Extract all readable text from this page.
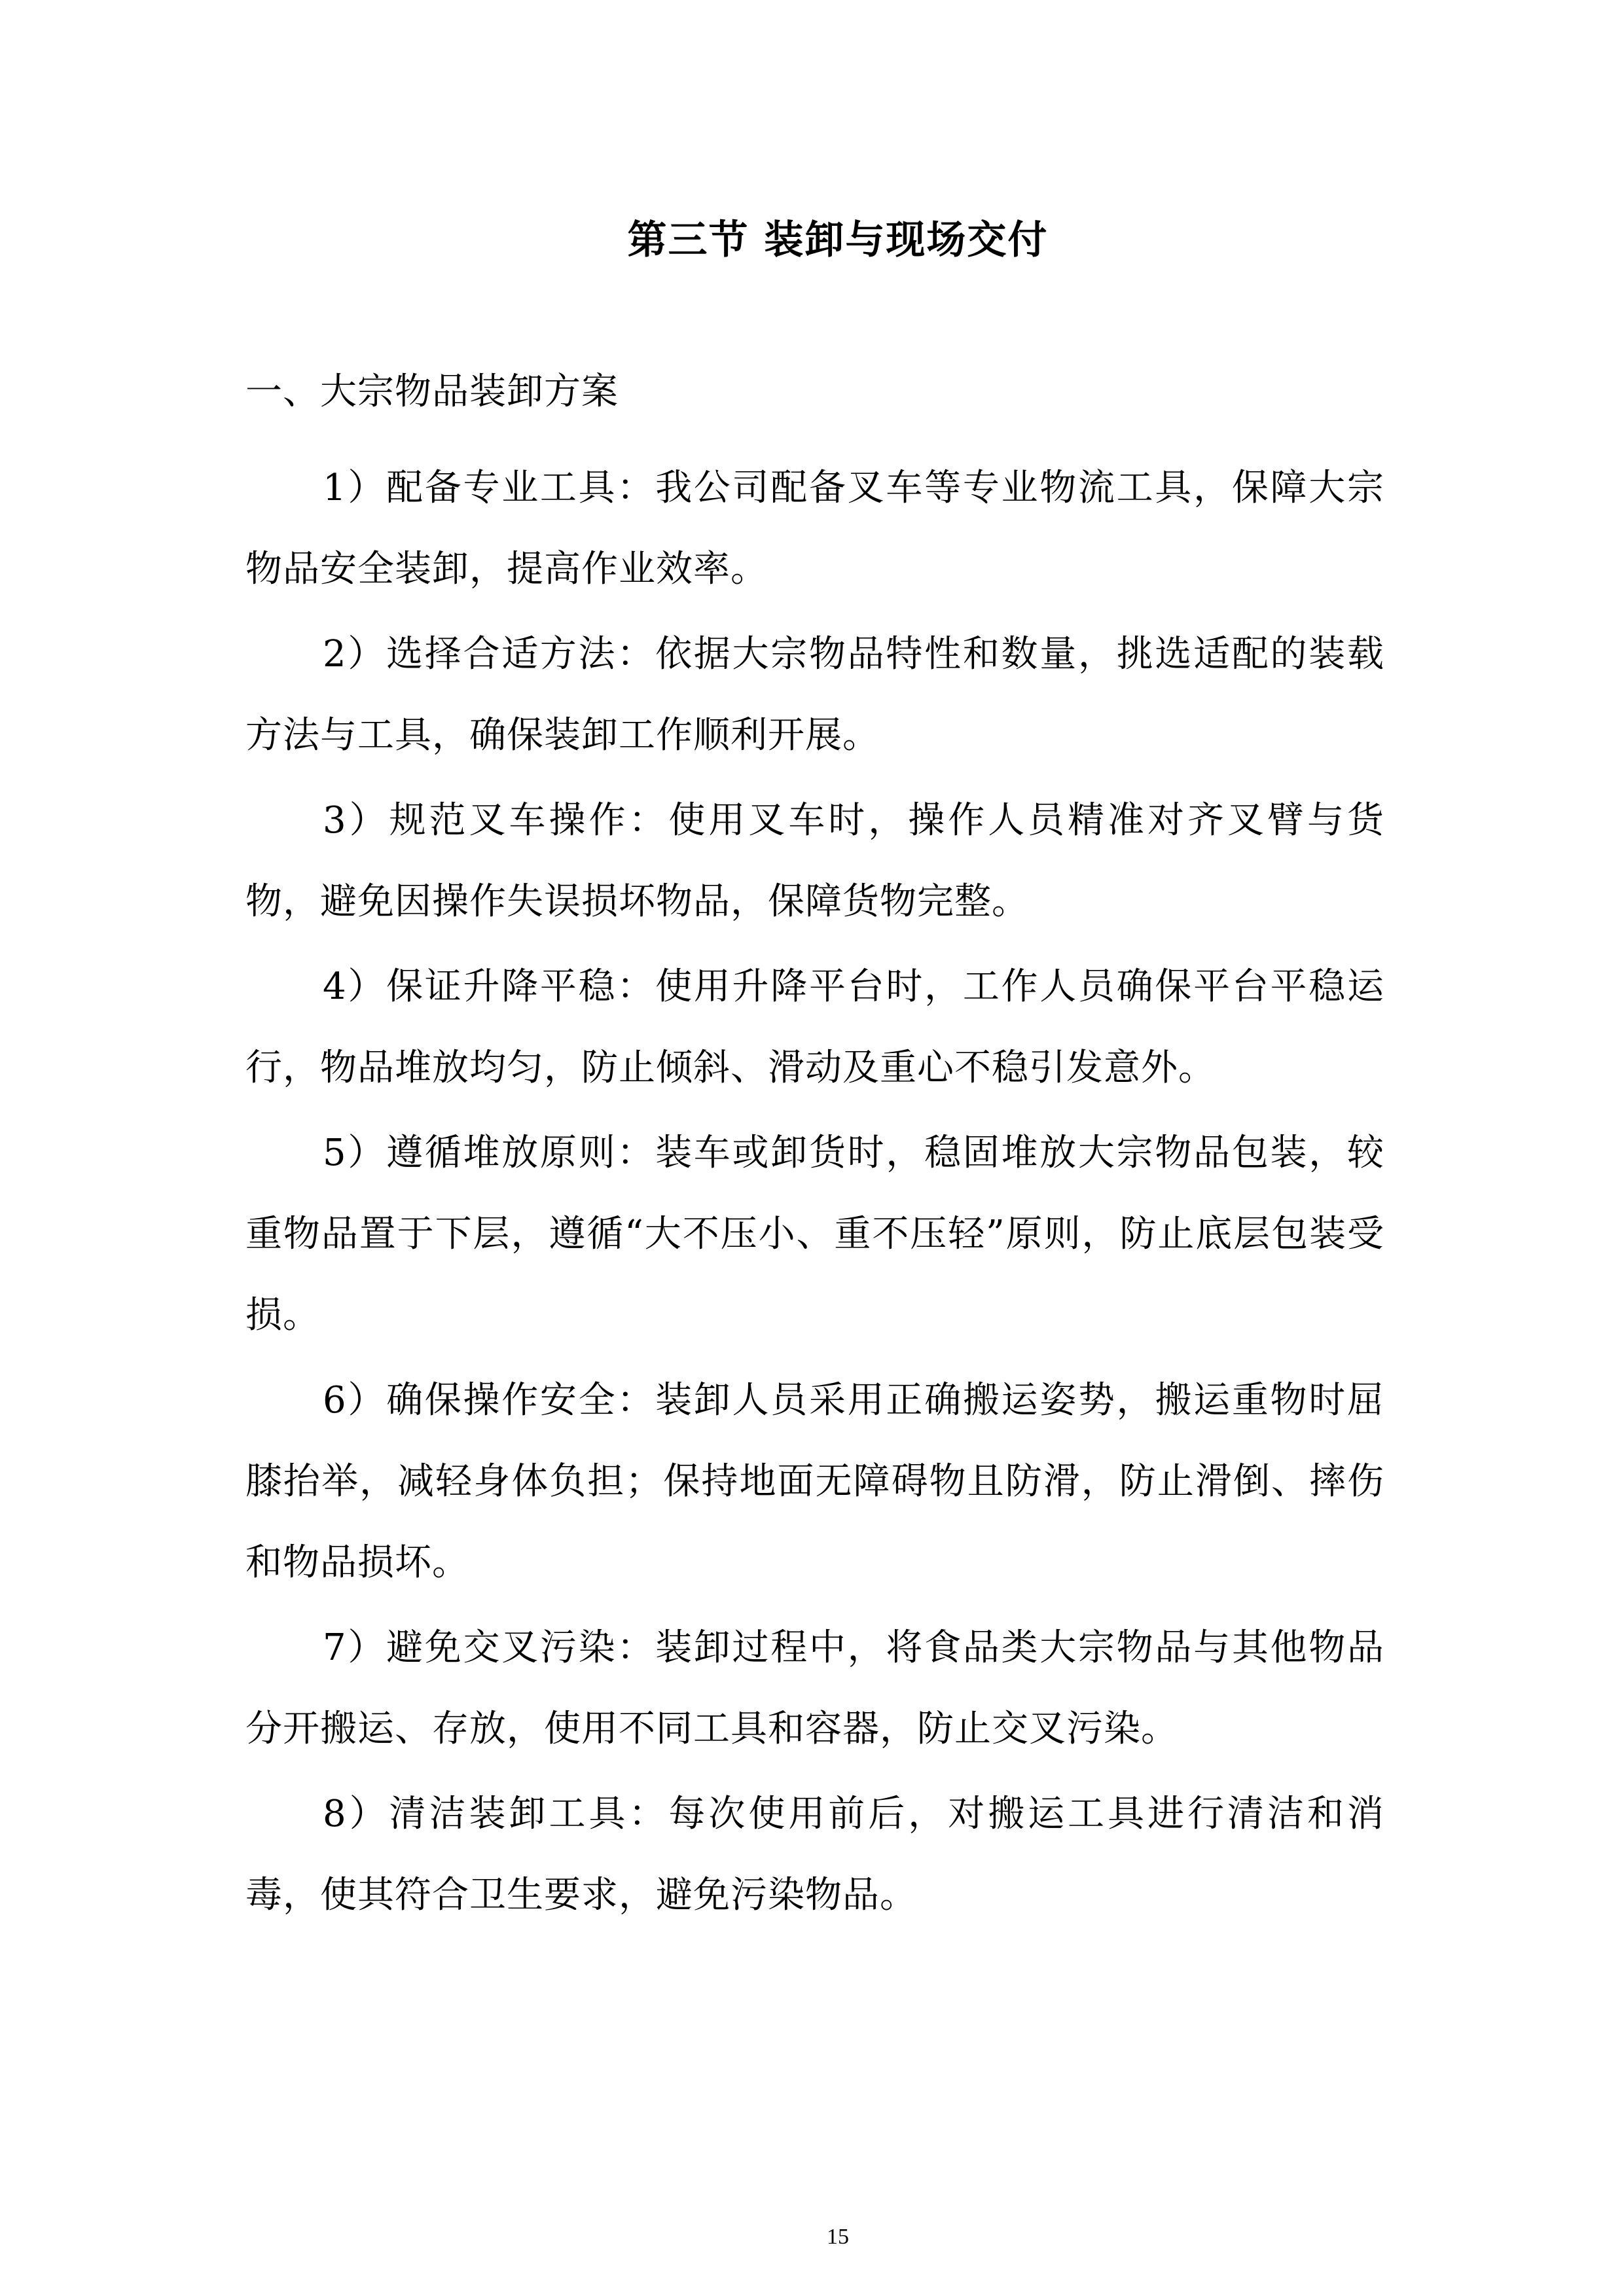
第三节 装卸与现场交付
一、大宗物品装卸方案

1）配备专业工具：我公司配备叉车等专业物流工具，保障大宗物品安全装卸，提高作业效率。

2）选择合适方法：依据大宗物品特性和数量，挑选适配的装载方法与工具，确保装卸工作顺利开展。

3）规范叉车操作：使用叉车时，操作人员精准对齐叉臂与货物，避免因操作失误损坏物品，保障货物完整。

4）保证升降平稳：使用升降平台时，工作人员确保平台平稳运行，物品堆放均匀，防止倾斜、滑动及重心不稳引发意外。

5）遵循堆放原则：装车或卸货时，稳固堆放大宗物品包装，较重物品置于下层，遵循“大不压小、重不压轻”原则，防止底层包装受损。

6）确保操作安全：装卸人员采用正确搬运姿势，搬运重物时屈膝抬举，减轻身体负担；保持地面无障碍物且防滑，防止滑倒、摔伤和物品损坏。

7）避免交叉污染：装卸过程中，将食品类大宗物品与其他物品分开搬运、存放，使用不同工具和容器，防止交叉污染。

8）清洁装卸工具：每次使用前后，对搬运工具进行清洁和消毒，使其符合卫生要求，避免污染物品。

15
